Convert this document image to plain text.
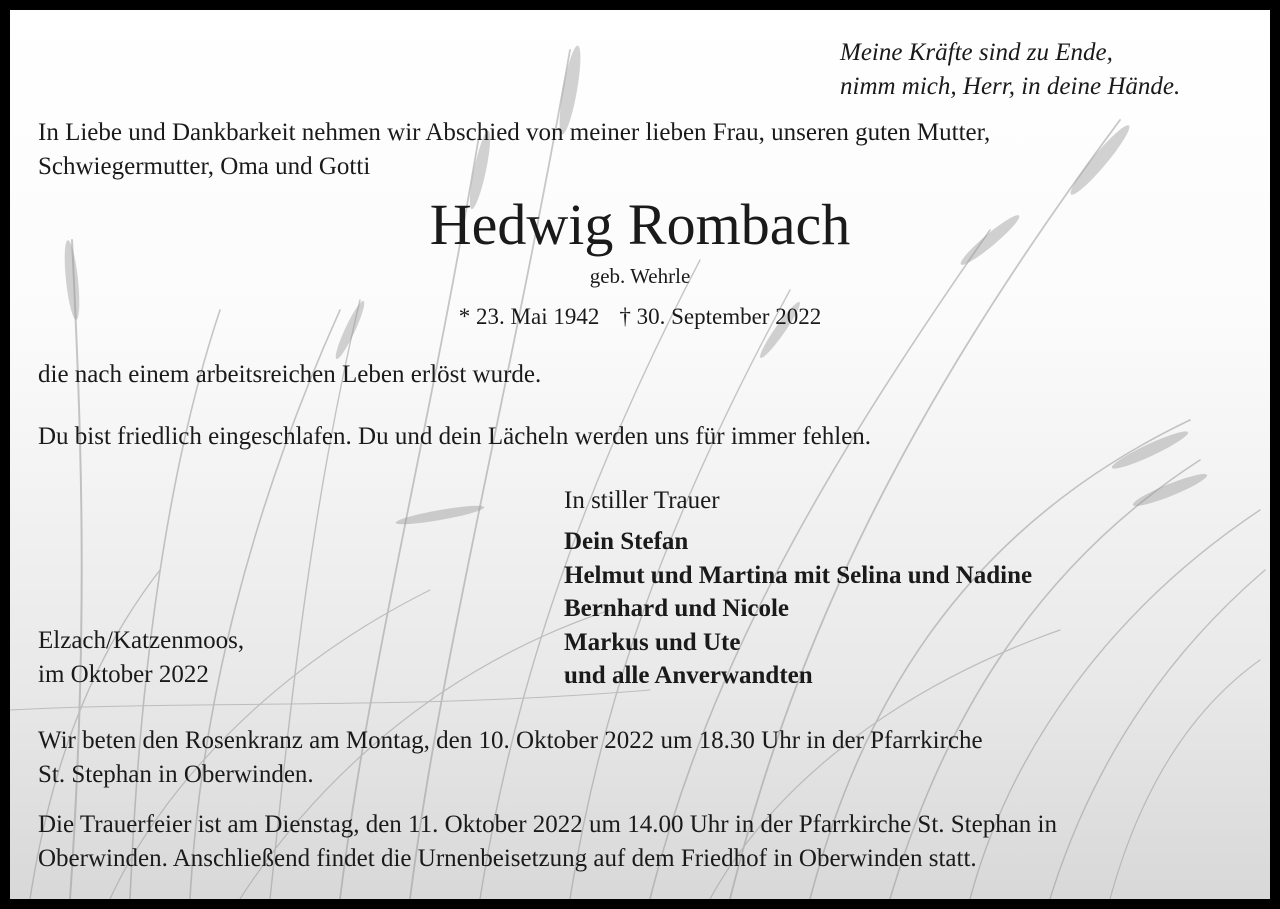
Meine Kräfte sind zu Ende,
nimm mich, Herr, in deine Hände.

In Liebe und Dankbarkeit nehmen wir Abschied von meiner lieben Frau, unseren guten Mutter,
Schwiegermutter, Oma und Gotti

Hedwig Rombach

geb. Wehrle

* 23. Mai 1942 † 30. September 2022

die nach einem arbeitsreichen Leben erlöst wurde.

Du bist friedlich eingeschlafen. Du und dein Lächeln werden uns für immer fehlen.

In stiller Trauer

Dein Stefan
Helmut und Martina mit Selina und Nadine
Bernhard und Nicole
Markus und Ute
und alle Anverwandten

Elzach/Katzenmoos,
im Oktober 2022

Wir beten den Rosenkranz am Montag, den 10. Oktober 2022 um 18.30 Uhr in der Pfarrkirche
St. Stephan in Oberwinden.

Die Trauerfeier ist am Dienstag, den 11. Oktober 2022 um 14.00 Uhr in der Pfarrkirche St. Stephan in
Oberwinden. Anschließend findet die Urnenbeisetzung auf dem Friedhof in Oberwinden statt.
